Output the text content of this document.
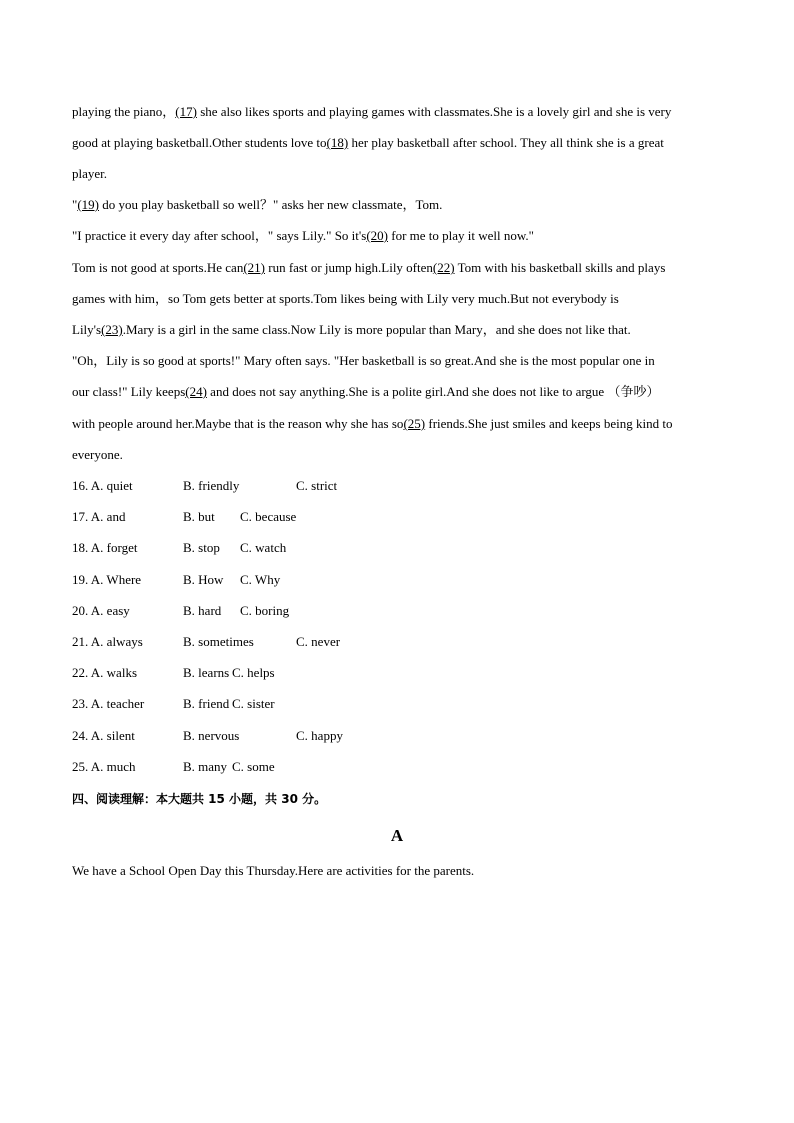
playing the piano，(17) she also likes sports and playing games with classmates.She is a lovely girl and she is very
good at playing basketball.Other students love to(18) her play basketball after school. They all think she is a great
player.
"(19) do you play basketball so well？" asks her new classmate，Tom.
"I practice it every day after school，" says Lily." So it's(20) for me to play it well now."
Tom is not good at sports.He can(21) run fast or jump high.Lily often(22) Tom with his basketball skills and plays
games with him，so Tom gets better at sports.Tom likes being with Lily very much.But not everybody is
Lily's(23).Mary is a girl in the same class.Now Lily is more popular than Mary，and she does not like that.
"Oh，Lily is so good at sports!" Mary often says. "Her basketball is so great.And she is the most popular one in
our class!" Lily keeps(24) and does not say anything.She is a polite girl.And she does not like to argue （争吵）
with people around her.Maybe that is the reason why she has so(25) friends.She just smiles and keeps being kind to
everyone.
16. A. quiet	B. friendly	C. strict
17. A. and	B. but C. because
18. A. forget	B. stop C. watch
19. A. Where	B. How C. Why
20. A. easy	B. hard C. boring
21. A. always	B. sometimes	C. never
22. A. walks	B. learns C. helps
23. A. teacher	B. friend C. sister
24. A. silent	B. nervous	C. happy
25. A. much	B. many C. some
四、阅读理解：本大题共 15 小题，共 30 分。
A
We have a School Open Day this Thursday.Here are activities for the parents.
